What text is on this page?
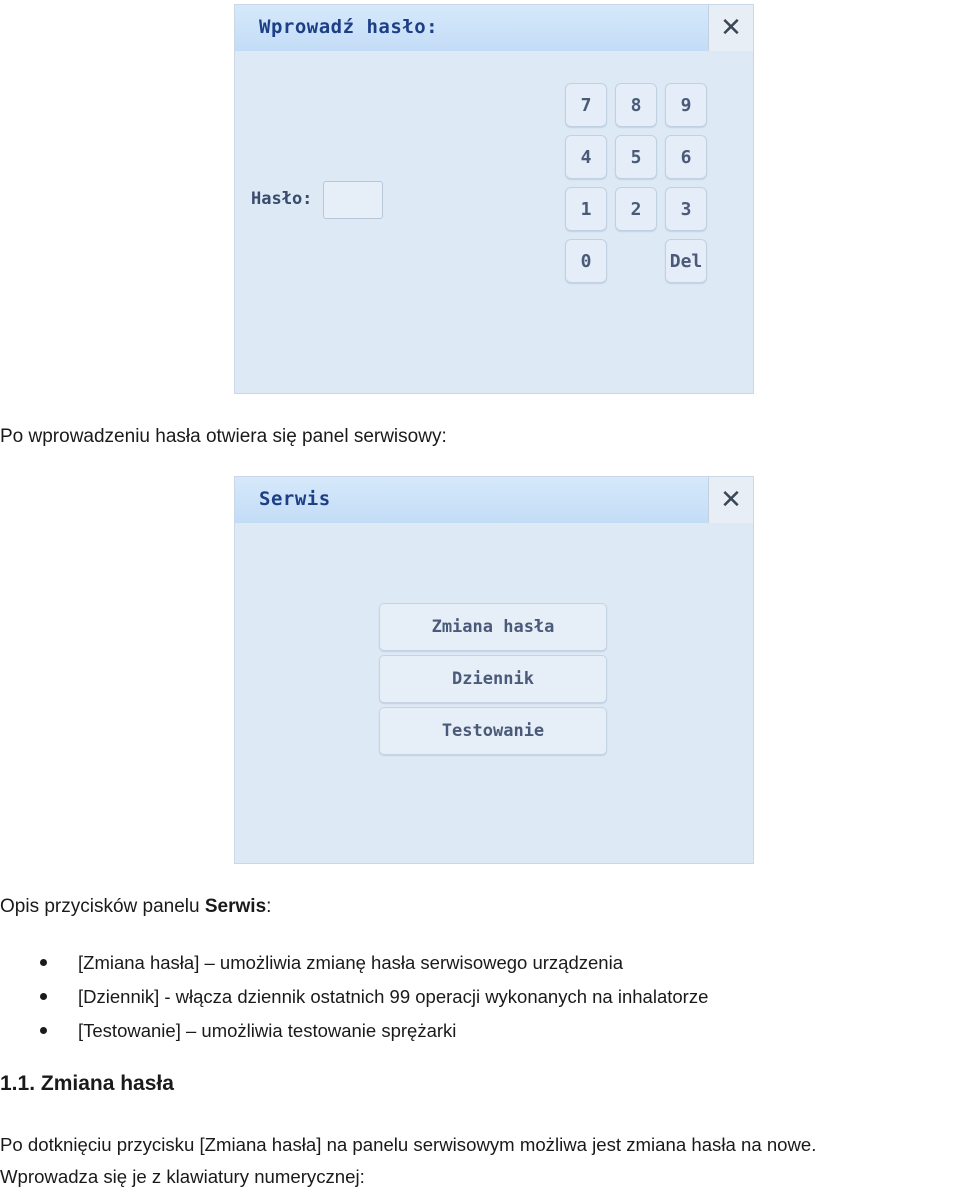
Wprowadź hasło:	✕
Hasło:
7	8	9
4	5	6
1	2	3
0	Del
Po wprowadzeniu hasła otwiera się panel serwisowy:
Serwis	✕
Zmiana hasła
Dziennik
Testowanie
Opis przycisków panelu Serwis:
[Zmiana hasła] – umożliwia zmianę hasła serwisowego urządzenia
[Dziennik] - włącza dziennik ostatnich 99 operacji wykonanych na inhalatorze
[Testowanie] – umożliwia testowanie sprężarki
1.1. Zmiana hasła
Po dotknięciu przycisku [Zmiana hasła] na panelu serwisowym możliwa jest zmiana hasła na nowe.
Wprowadza się je z klawiatury numerycznej:
